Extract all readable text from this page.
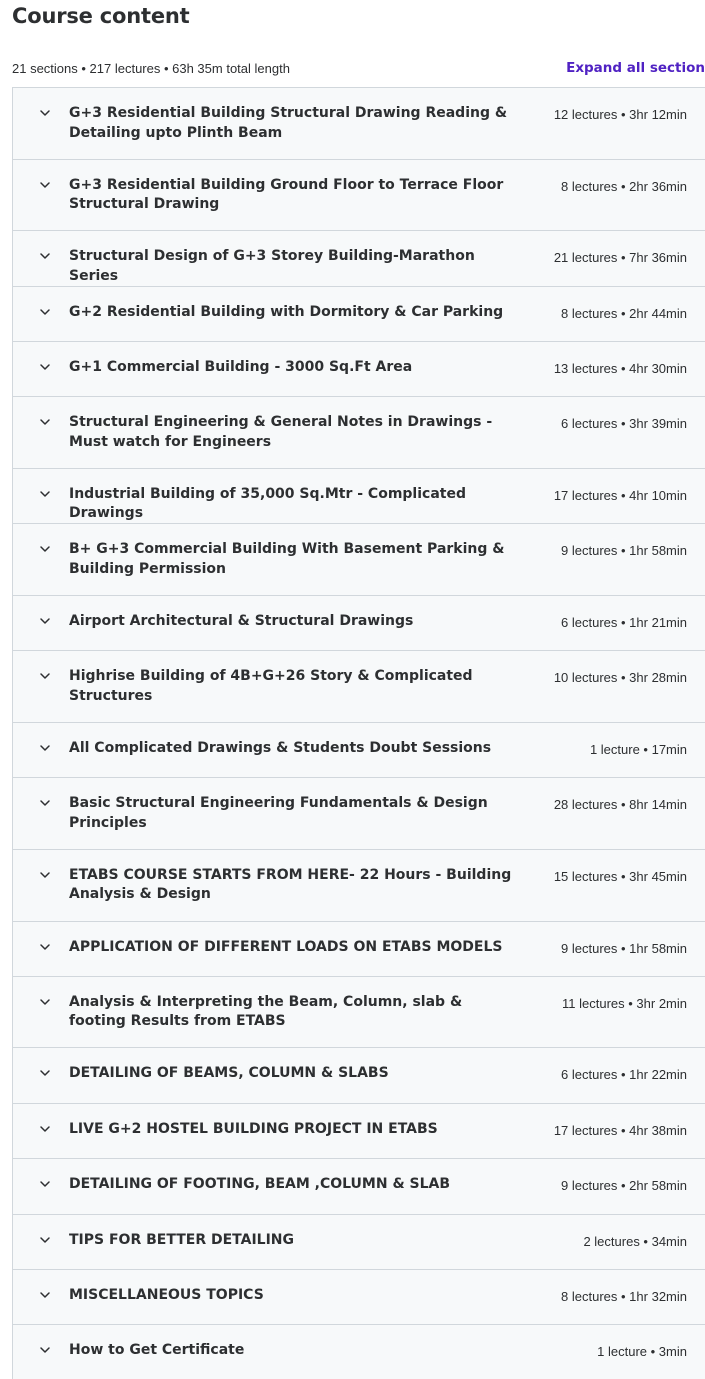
Course content
21 sections • 217 lectures • 63h 35m total length	Expand all section
G+3 Residential Building Structural Drawing Reading & Detailing upto Plinth Beam
12 lectures • 3hr 12min
G+3 Residential Building Ground Floor to Terrace Floor Structural Drawing
8 lectures • 2hr 36min
Structural Design of G+3 Storey Building-Marathon Series
21 lectures • 7hr 36min
G+2 Residential Building with Dormitory & Car Parking	8 lectures • 2hr 44min
G+1 Commercial Building - 3000 Sq.Ft Area	13 lectures • 4hr 30min
Structural Engineering & General Notes in Drawings - Must watch for Engineers
6 lectures • 3hr 39min
Industrial Building of 35,000 Sq.Mtr - Complicated Drawings
17 lectures • 4hr 10min
B+ G+3 Commercial Building With Basement Parking & Building Permission
9 lectures • 1hr 58min
Airport Architectural & Structural Drawings	6 lectures • 1hr 21min
Highrise Building of 4B+G+26 Story & Complicated Structures
10 lectures • 3hr 28min
All Complicated Drawings & Students Doubt Sessions	1 lecture • 17min
Basic Structural Engineering Fundamentals & Design Principles
28 lectures • 8hr 14min
ETABS COURSE STARTS FROM HERE- 22 Hours - Building Analysis & Design
15 lectures • 3hr 45min
APPLICATION OF DIFFERENT LOADS ON ETABS MODELS	9 lectures • 1hr 58min
Analysis & Interpreting the Beam, Column, slab & footing Results from ETABS
11 lectures • 3hr 2min
DETAILING OF BEAMS, COLUMN & SLABS	6 lectures • 1hr 22min
LIVE G+2 HOSTEL BUILDING PROJECT IN ETABS	17 lectures • 4hr 38min
DETAILING OF FOOTING, BEAM ,COLUMN & SLAB	9 lectures • 2hr 58min
TIPS FOR BETTER DETAILING	2 lectures • 34min
MISCELLANEOUS TOPICS	8 lectures • 1hr 32min
How to Get Certificate	1 lecture • 3min
